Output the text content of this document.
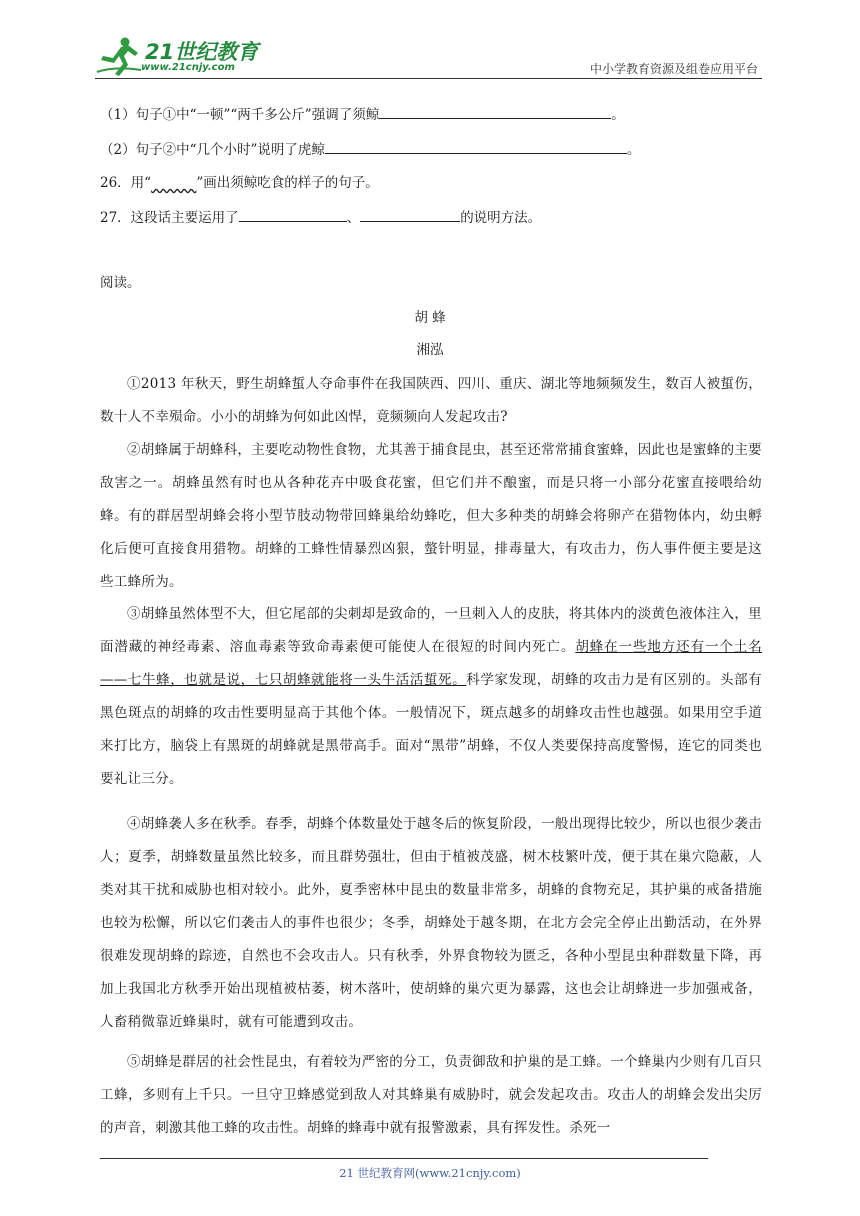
21世纪教育
www.21cnjy.com	中小学教育资源及组卷应用平台
（1）句子①中“一顿”“两千多公斤”强调了须鲸	。
（2）句子②中“几个小时”说明了虎鲸	。
26．用“	”画出须鲸吃食的样子的句子。
27．这段话主要运用了	、	的说明方法。
阅读。
胡 蜂
湘泓
①2013 年秋天，野生胡蜂蜇人夺命事件在我国陕西、四川、重庆、湖北等地频频发生，数百人被蜇伤，数十人不幸殒命。小小的胡蜂为何如此凶悍，竟频频向人发起攻击?
②胡蜂属于胡蜂科，主要吃动物性食物，尤其善于捕食昆虫，甚至还常常捕食蜜蜂，因此也是蜜蜂的主要敌害之一。胡蜂虽然有时也从各种花卉中吸食花蜜，但它们并不酿蜜，而是只将一小部分花蜜直接喂给幼蜂。有的群居型胡蜂会将小型节肢动物带回蜂巢给幼蜂吃，但大多种类的胡蜂会将卵产在猎物体内，幼虫孵化后便可直接食用猎物。胡蜂的工蜂性情暴烈凶狠，螫针明显，排毒量大，有攻击力，伤人事件便主要是这些工蜂所为。
③胡蜂虽然体型不大，但它尾部的尖刺却是致命的，一旦刺入人的皮肤，将其体内的淡黄色液体注入，里面潜藏的神经毒素、溶血毒素等致命毒素便可能使人在很短的时间内死亡。胡蜂在一些地方还有一个土名——七牛蜂，也就是说，七只胡蜂就能将一头牛活活蜇死。科学家发现，胡蜂的攻击力是有区别的。头部有黑色斑点的胡蜂的攻击性要明显高于其他个体。一般情况下，斑点越多的胡蜂攻击性也越强。如果用空手道来打比方，脑袋上有黑斑的胡蜂就是黑带高手。面对“黑带”胡蜂，不仅人类要保持高度警惕，连它的同类也要礼让三分。
④胡蜂袭人多在秋季。春季，胡蜂个体数量处于越冬后的恢复阶段，一般出现得比较少，所以也很少袭击人；夏季，胡蜂数量虽然比较多，而且群势强壮，但由于植被茂盛，树木枝繁叶茂，便于其在巢穴隐蔽，人类对其干扰和威胁也相对较小。此外，夏季密林中昆虫的数量非常多，胡蜂的食物充足，其护巢的戒备措施也较为松懈，所以它们袭击人的事件也很少；冬季，胡蜂处于越冬期，在北方会完全停止出勤活动，在外界很难发现胡蜂的踪迹，自然也不会攻击人。只有秋季，外界食物较为匮乏，各种小型昆虫种群数量下降，再加上我国北方秋季开始出现植被枯萎，树木落叶，使胡蜂的巢穴更为暴露，这也会让胡蜂进一步加强戒备，人畜稍微靠近蜂巢时，就有可能遭到攻击。
⑤胡蜂是群居的社会性昆虫，有着较为严密的分工，负责御敌和护巢的是工蜂。一个蜂巢内少则有几百只工蜂，多则有上千只。一旦守卫蜂感觉到敌人对其蜂巢有威胁时，就会发起攻击。攻击人的胡蜂会发出尖厉的声音，刺激其他工蜂的攻击性。胡蜂的蜂毒中就有报警激素，具有挥发性。杀死一
21 世纪教育网(www.21cnjy.com)
